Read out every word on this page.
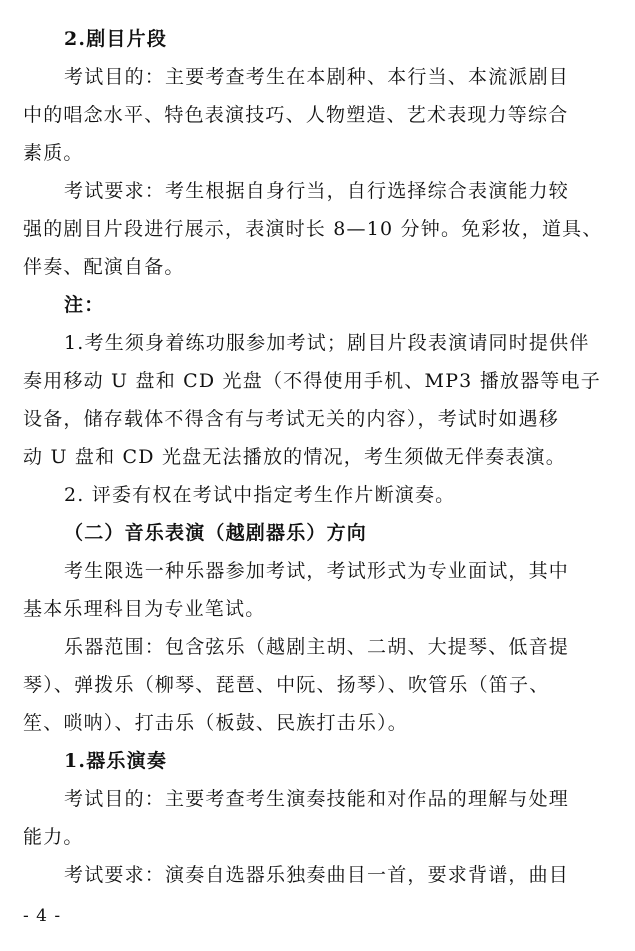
2.剧目片段
考试目的：主要考查考生在本剧种、本行当、本流派剧目
中的唱念水平、特色表演技巧、人物塑造、艺术表现力等综合
素质。
考试要求：考生根据自身行当，自行选择综合表演能力较
强的剧目片段进行展示，表演时长 8—10 分钟。免彩妆，道具、
伴奏、配演自备。
注：
1.考生须身着练功服参加考试；剧目片段表演请同时提供伴
奏用移动 U 盘和 CD 光盘（不得使用手机、MP3 播放器等电子
设备，储存载体不得含有与考试无关的内容），考试时如遇移
动 U 盘和 CD 光盘无法播放的情况，考生须做无伴奏表演。
2. 评委有权在考试中指定考生作片断演奏。
（二）音乐表演（越剧器乐）方向
考生限选一种乐器参加考试，考试形式为专业面试，其中
基本乐理科目为专业笔试。
乐器范围：包含弦乐（越剧主胡、二胡、大提琴、低音提
琴）、弹拨乐（柳琴、琵琶、中阮、扬琴）、吹管乐（笛子、
笙、唢呐）、打击乐（板鼓、民族打击乐）。
1.器乐演奏
考试目的：主要考查考生演奏技能和对作品的理解与处理
能力。
考试要求：演奏自选器乐独奏曲目一首，要求背谱，曲目
- 4 -
